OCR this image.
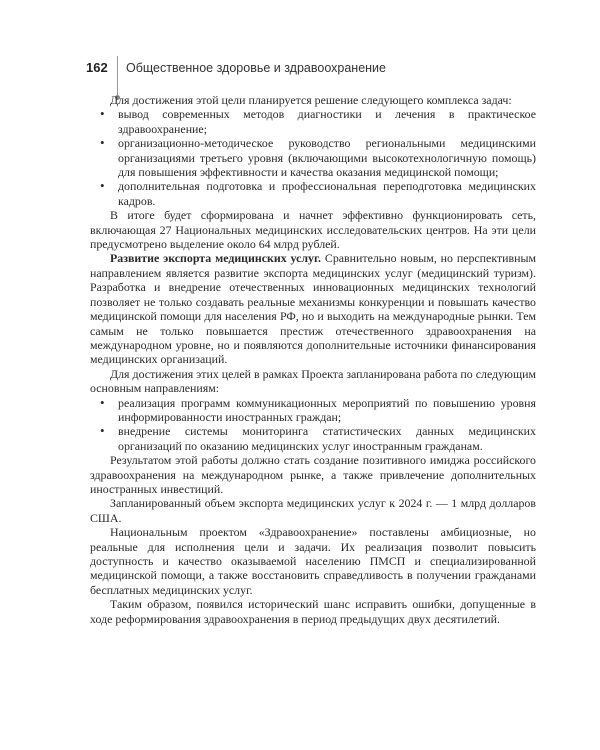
162 Общественное здоровье и здравоохранение

Для достижения этой цели планируется решение следующего комплекса задач:

• вывод современных методов диагностики и лечения в практическое здравоохранение;
• организационно-методическое руководство региональными медицинскими организациями третьего уровня (включающими высокотехнологичную помощь) для повышения эффективности и качества оказания медицинской помощи;
• дополнительная подготовка и профессиональная переподготовка медицинских кадров.

В итоге будет сформирована и начнет эффективно функционировать сеть, включающая 27 Национальных медицинских исследовательских центров. На эти цели предусмотрено выделение около 64 млрд рублей.

Развитие экспорта медицинских услуг. Сравнительно новым, но перспективным направлением является развитие экспорта медицинских услуг (медицинский туризм). Разработка и внедрение отечественных инновационных медицинских технологий позволяет не только создавать реальные механизмы конкуренции и повышать качество медицинской помощи для населения РФ, но и выходить на международные рынки. Тем самым не только повышается престиж отечественного здравоохранения на международном уровне, но и появляются дополнительные источники финансирования медицинских организаций.

Для достижения этих целей в рамках Проекта запланирована работа по следующим основным направлениям:

• реализация программ коммуникационных мероприятий по повышению уровня информированности иностранных граждан;
• внедрение системы мониторинга статистических данных медицинских организаций по оказанию медицинских услуг иностранным гражданам.

Результатом этой работы должно стать создание позитивного имиджа российского здравоохранения на международном рынке, а также привлечение дополнительных иностранных инвестиций.

Запланированный объем экспорта медицинских услуг к 2024 г. — 1 млрд долларов США.

Национальным проектом «Здравоохранение» поставлены амбициозные, но реальные для исполнения цели и задачи. Их реализация позволит повысить доступность и качество оказываемой населению ПМСП и специализированной медицинской помощи, а также восстановить справедливость в получении гражданами бесплатных медицинских услуг.

Таким образом, появился исторический шанс исправить ошибки, допущенные в ходе реформирования здравоохранения в период предыдущих двух десятилетий.
